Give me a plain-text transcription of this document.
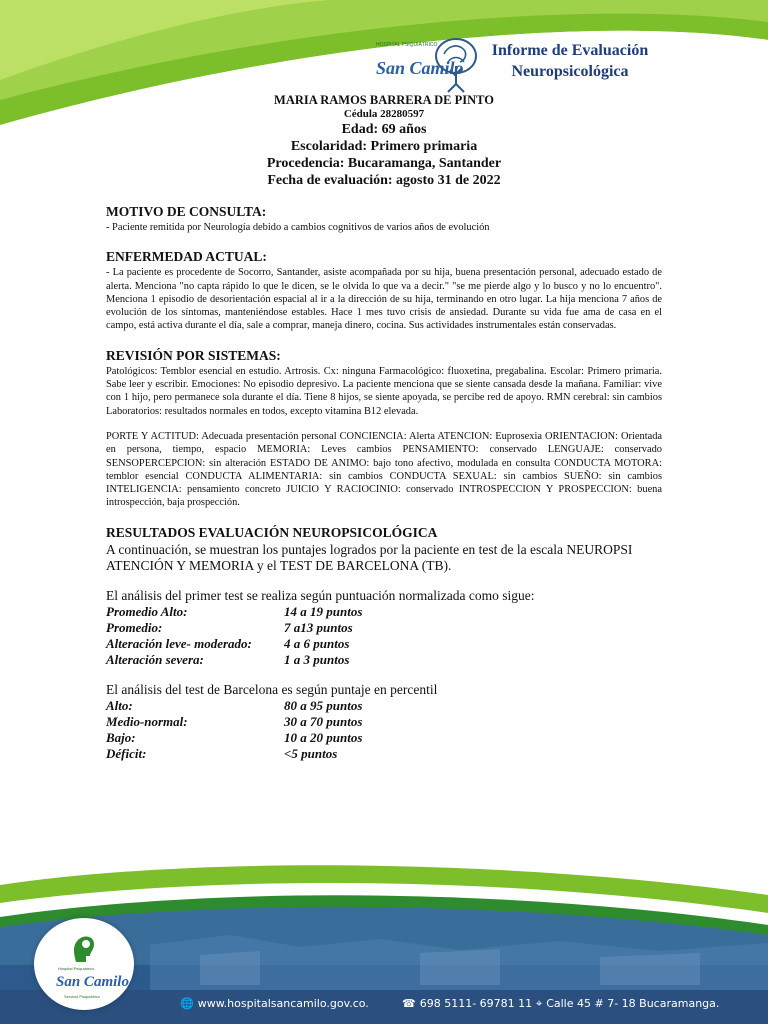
HOSPITAL PSIQUIÁTRICO
San Camilo
Informe de Evaluación
Neuropsicológica
MARIA RAMOS BARRERA DE PINTO
Cédula 28280597
Edad: 69 años
Escolaridad: Primero primaria
Procedencia: Bucaramanga, Santander
Fecha de evaluación: agosto 31 de 2022
MOTIVO DE CONSULTA:

- Paciente remitida por Neurología debido a cambios cognitivos de varios años de evolución

ENFERMEDAD ACTUAL:

- La paciente es procedente de Socorro, Santander, asiste acompañada por su hija, buena presentación personal, adecuado estado de alerta. Menciona "no capta rápido lo que le dicen, se le olvida lo que va a decir." "se me pierde algo y lo busco y no lo encuentro". Menciona 1 episodio de desorientación espacial al ir a la dirección de su hija, terminando en otro lugar. La hija menciona 7 años de evolución de los síntomas, manteniéndose estables. Hace 1 mes tuvo crisis de ansiedad. Durante su vida fue ama de casa en el campo, está activa durante el día, sale a comprar, maneja dinero, cocina. Sus actividades instrumentales están conservadas.

REVISIÓN POR SISTEMAS:

Patológicos: Temblor esencial en estudio. Artrosis. Cx: ninguna Farmacológico: fluoxetina, pregabalina. Escolar: Primero primaria. Sabe leer y escribir. Emociones: No episodio depresivo. La paciente menciona que se siente cansada desde la mañana. Familiar: vive con 1 hijo, pero permanece sola durante el día. Tiene 8 hijos, se siente apoyada, se percibe red de apoyo. RMN cerebral: sin cambios Laboratorios: resultados normales en todos, excepto vitamina B12 elevada.

PORTE Y ACTITUD: Adecuada presentación personal CONCIENCIA: Alerta ATENCION: Euprosexia ORIENTACION: Orientada en persona, tiempo, espacio MEMORIA: Leves cambios PENSAMIENTO: conservado LENGUAJE: conservado SENSOPERCEPCION: sin alteración ESTADO DE ANIMO: bajo tono afectivo, modulada en consulta CONDUCTA MOTORA: temblor esencial CONDUCTA ALIMENTARIA: sin cambios CONDUCTA SEXUAL: sin cambios SUEÑO: sin cambios INTELIGENCIA: pensamiento concreto JUICIO Y RACIOCINIO: conservado INTROSPECCION Y PROSPECCION: buena introspección, baja prospección.

RESULTADOS EVALUACIÓN NEUROPSICOLÓGICA

A continuación, se muestran los puntajes logrados por la paciente en test de la escala NEUROPSI ATENCIÓN Y MEMORIA y el TEST DE BARCELONA (TB).

El análisis del primer test se realiza según puntuación normalizada como sigue:
Promedio Alto:	14 a 19 puntos
Promedio:	7 a13 puntos
Alteración leve- moderado:	4 a 6 puntos
Alteración severa:	1 a 3 puntos
El análisis del test de Barcelona es según puntaje en percentil
Alto:	80 a 95 puntos
Medio-normal:	30 a 70 puntos
Bajo:	10 a 20 puntos
Déficit:	<5 puntos
Hospital Psiquiátrico
San Camilo
Servicio Psiquiátrico
🌐 www.hospitalsancamilo.gov.co.	☎ 698 5111- 69781 11 ⌖ Calle 45 # 7- 18 Bucaramanga.
